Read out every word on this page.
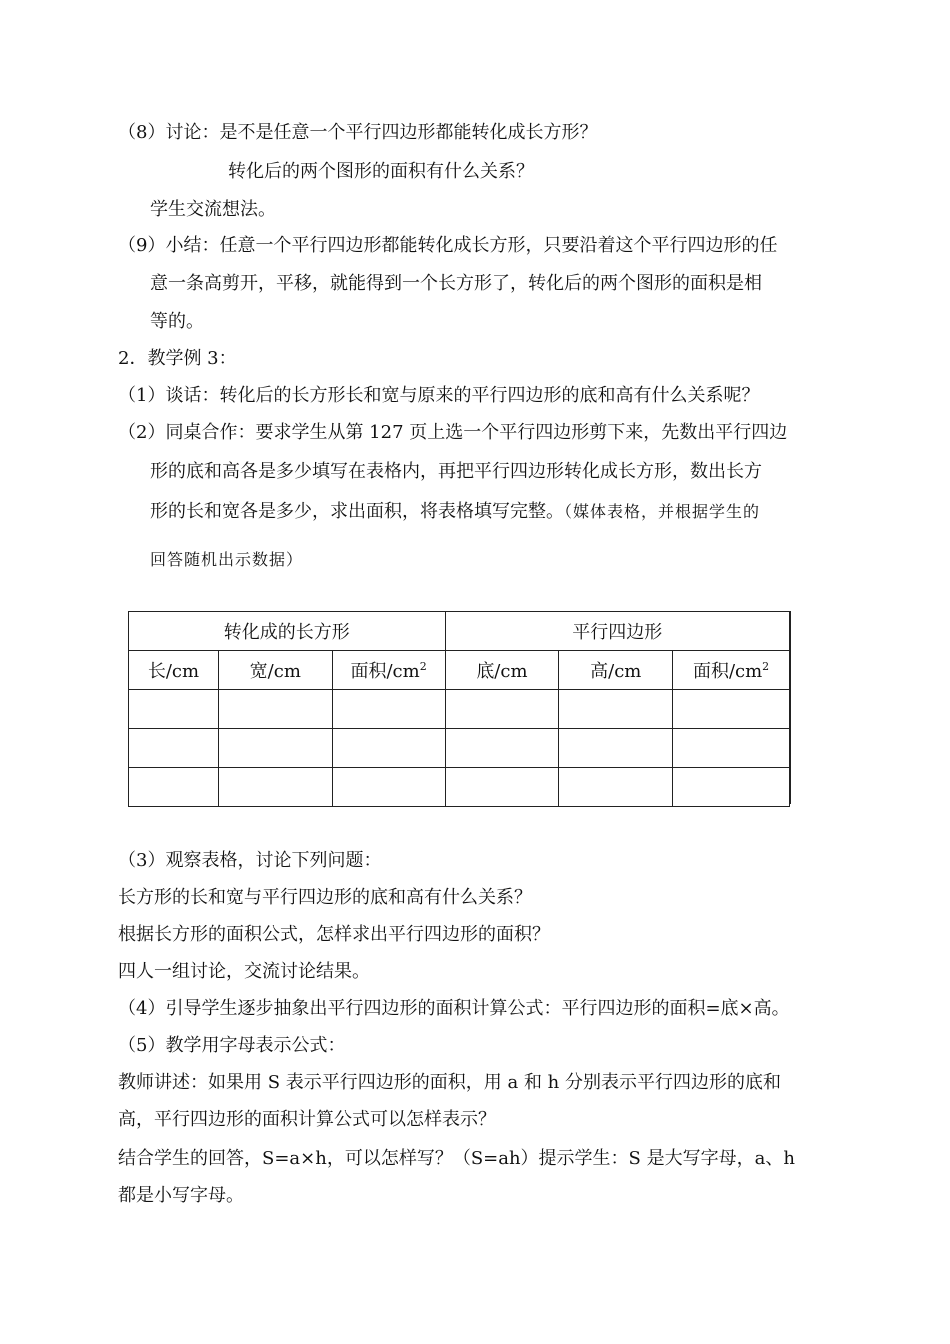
（8）讨论：是不是任意一个平行四边形都能转化成长方形？
转化后的两个图形的面积有什么关系？
学生交流想法。
（9）小结：任意一个平行四边形都能转化成长方形，只要沿着这个平行四边形的任
意一条高剪开，平移，就能得到一个长方形了，转化后的两个图形的面积是相
等的。
2．教学例 3：
（1）谈话：转化后的长方形长和宽与原来的平行四边形的底和高有什么关系呢？
（2）同桌合作：要求学生从第 127 页上选一个平行四边形剪下来，先数出平行四边
形的底和高各是多少填写在表格内，再把平行四边形转化成长方形，数出长方
形的长和宽各是多少，求出面积，将表格填写完整。（媒体表格，并根据学生的
回答随机出示数据）
转化成的长方形			平行四边形		
长/cm	宽/cm	面积$/cm^2$	底/cm	高/cm	面积$/cm^2$

（3）观察表格，讨论下列问题：
长方形的长和宽与平行四边形的底和高有什么关系？
根据长方形的面积公式，怎样求出平行四边形的面积？
四人一组讨论，交流讨论结果。
（4）引导学生逐步抽象出平行四边形的面积计算公式：平行四边形的面积=底×高。
（5）教学用字母表示公式：
教师讲述：如果用 S 表示平行四边形的面积，用 a 和 h 分别表示平行四边形的底和
高，平行四边形的面积计算公式可以怎样表示？
结合学生的回答，S=a×h，可以怎样写？（S=ah）提示学生：S 是大写字母，a、h
都是小写字母。
